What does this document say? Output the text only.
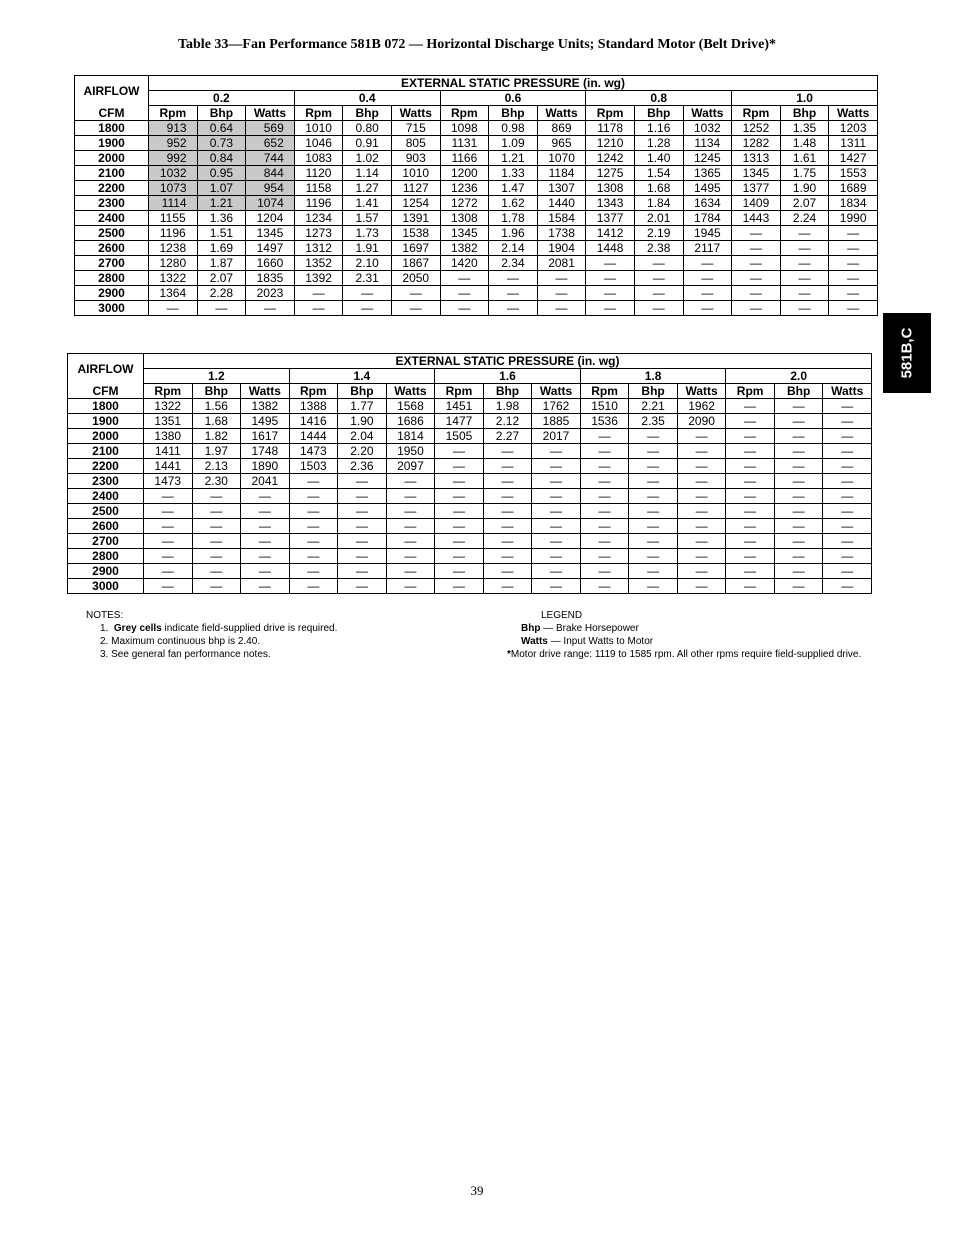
Table 33—Fan Performance 581B 072 — Horizontal Discharge Units; Standard Motor (Belt Drive)*
AIRFLOW	EXTERNAL STATIC PRESSURE (in. wg)														
	0.2			0.4			0.6			0.8			1.0		
CFM	Rpm	Bhp	Watts	Rpm	Bhp	Watts	Rpm	Bhp	Watts	Rpm	Bhp	Watts	Rpm	Bhp	Watts
1800	913	0.64	569	1010	0.80	715	1098	0.98	869	1178	1.16	1032	1252	1.35	1203
1900	952	0.73	652	1046	0.91	805	1131	1.09	965	1210	1.28	1134	1282	1.48	1311
2000	992	0.84	744	1083	1.02	903	1166	1.21	1070	1242	1.40	1245	1313	1.61	1427
2100	1032	0.95	844	1120	1.14	1010	1200	1.33	1184	1275	1.54	1365	1345	1.75	1553
2200	1073	1.07	954	1158	1.27	1127	1236	1.47	1307	1308	1.68	1495	1377	1.90	1689
2300	1114	1.21	1074	1196	1.41	1254	1272	1.62	1440	1343	1.84	1634	1409	2.07	1834
2400	1155	1.36	1204	1234	1.57	1391	1308	1.78	1584	1377	2.01	1784	1443	2.24	1990
2500	1196	1.51	1345	1273	1.73	1538	1345	1.96	1738	1412	2.19	1945	—	—	—
2600	1238	1.69	1497	1312	1.91	1697	1382	2.14	1904	1448	2.38	2117	—	—	—
2700	1280	1.87	1660	1352	2.10	1867	1420	2.34	2081	—	—	—	—	—	—
2800	1322	2.07	1835	1392	2.31	2050	—	—	—	—	—	—	—	—	—
2900	1364	2.28	2023	—	—	—	—	—	—	—	—	—	—	—	—
3000	—	—	—	—	—	—	—	—	—	—	—	—	—	—	—
AIRFLOW	EXTERNAL STATIC PRESSURE (in. wg)														
	1.2			1.4			1.6			1.8			2.0		
CFM	Rpm	Bhp	Watts	Rpm	Bhp	Watts	Rpm	Bhp	Watts	Rpm	Bhp	Watts	Rpm	Bhp	Watts
1800	1322	1.56	1382	1388	1.77	1568	1451	1.98	1762	1510	2.21	1962	—	—	—
1900	1351	1.68	1495	1416	1.90	1686	1477	2.12	1885	1536	2.35	2090	—	—	—
2000	1380	1.82	1617	1444	2.04	1814	1505	2.27	2017	—	—	—	—	—	—
2100	1411	1.97	1748	1473	2.20	1950	—	—	—	—	—	—	—	—	—
2200	1441	2.13	1890	1503	2.36	2097	—	—	—	—	—	—	—	—	—
2300	1473	2.30	2041	—	—	—	—	—	—	—	—	—	—	—	—
2400	—	—	—	—	—	—	—	—	—	—	—	—	—	—	—
2500	—	—	—	—	—	—	—	—	—	—	—	—	—	—	—
2600	—	—	—	—	—	—	—	—	—	—	—	—	—	—	—
2700	—	—	—	—	—	—	—	—	—	—	—	—	—	—	—
2800	—	—	—	—	—	—	—	—	—	—	—	—	—	—	—
2900	—	—	—	—	—	—	—	—	—	—	—	—	—	—	—
3000	—	—	—	—	—	—	—	—	—	—	—	—	—	—	—
NOTES:
1. Grey cells indicate field-supplied drive is required.
2. Maximum continuous bhp is 2.40.
3. See general fan performance notes.
LEGEND
Bhp — Brake Horsepower
Watts — Input Watts to Motor
*Motor drive range: 1119 to 1585 rpm. All other rpms require field-supplied drive.
581B,C
39
